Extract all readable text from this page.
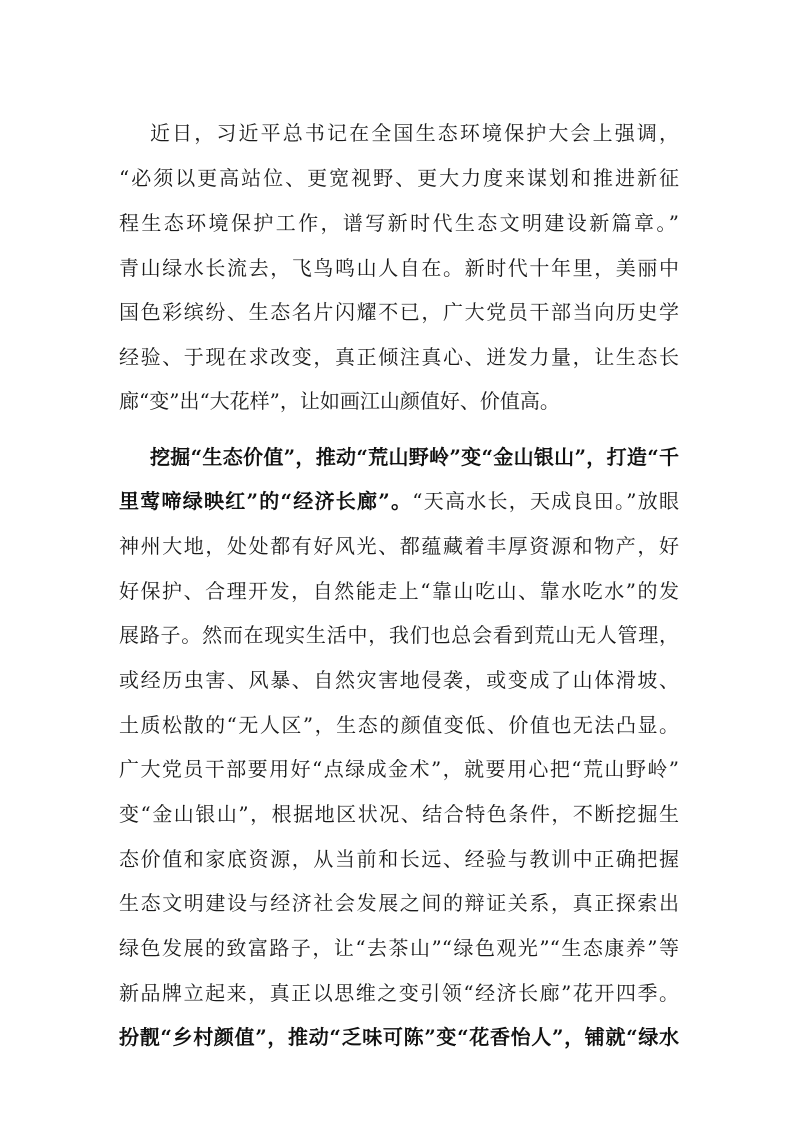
近日，习近平总书记在全国生态环境保护大会上强调，
“必须以更高站位、更宽视野、更大力度来谋划和推进新征
程生态环境保护工作，谱写新时代生态文明建设新篇章。”
青山绿水长流去，飞鸟鸣山人自在。新时代十年里，美丽中
国色彩缤纷、生态名片闪耀不已，广大党员干部当向历史学
经验、于现在求改变，真正倾注真心、迸发力量，让生态长
廊“变”出“大花样”，让如画江山颜值好、价值高。
挖掘“生态价值”，推动“荒山野岭”变“金山银山”，打造“千
里莺啼绿映红”的“经济长廊”。“天高水长，天成良田。”放眼
神州大地，处处都有好风光、都蕴藏着丰厚资源和物产，好
好保护、合理开发，自然能走上“靠山吃山、靠水吃水”的发
展路子。然而在现实生活中，我们也总会看到荒山无人管理，
或经历虫害、风暴、自然灾害地侵袭，或变成了山体滑坡、
土质松散的“无人区”，生态的颜值变低、价值也无法凸显。
广大党员干部要用好“点绿成金术”，就要用心把“荒山野岭”
变“金山银山”，根据地区状况、结合特色条件，不断挖掘生
态价值和家底资源，从当前和长远、经验与教训中正确把握
生态文明建设与经济社会发展之间的辩证关系，真正探索出
绿色发展的致富路子，让“去茶山”“绿色观光”“生态康养”等
新品牌立起来，真正以思维之变引领“经济长廊”花开四季。
扮靓“乡村颜值”，推动“乏味可陈”变“花香怡人”，铺就“绿水
